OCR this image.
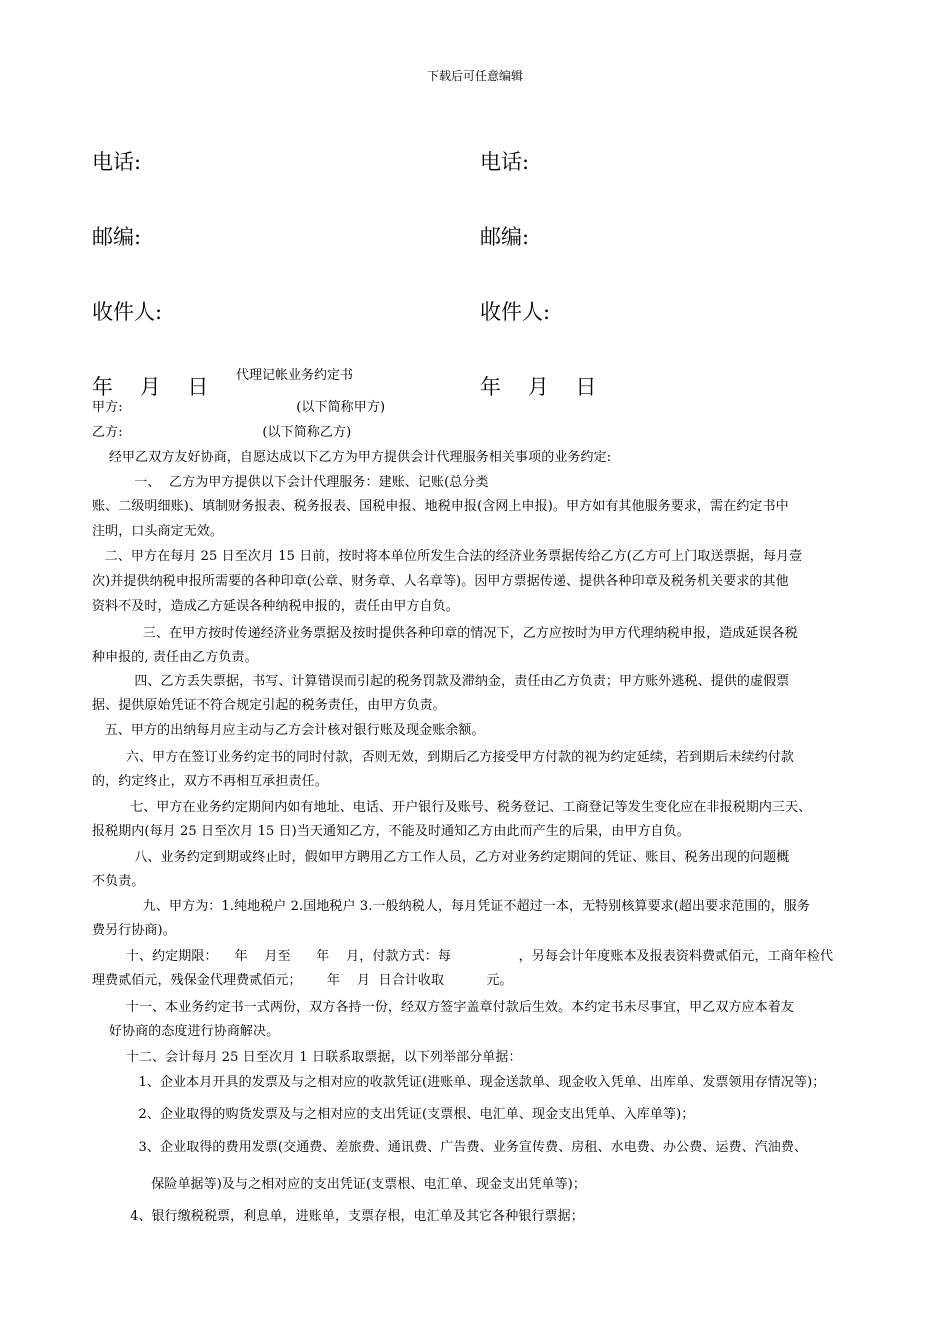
下载后可任意编辑

电话:

邮编:

收件人:

年    月    日

电话:

邮编:

收件人:

年    月    日

代理记帐业务约定书
甲方:                                         (以下简称甲方)
乙方:                                 (以下简称乙方)
经甲乙双方友好协商，自愿达成以下乙方为甲方提供会计代理服务相关事项的业务约定:
一、  乙方为甲方提供以下会计代理服务：建账、记账(总分类
账、二级明细账)、填制财务报表、税务报表、国税申报、地税申报(含网上申报)。甲方如有其他服务要求，需在约定书中
注明，口头商定无效。
二、甲方在每月 25 日至次月 15 日前，按时将本单位所发生合法的经济业务票据传给乙方(乙方可上门取送票据，每月壹
次)并提供纳税申报所需要的各种印章(公章、财务章、人名章等)。因甲方票据传递、提供各种印章及税务机关要求的其他
资料不及时，造成乙方延误各种纳税申报的，责任由甲方自负。
三、在甲方按时传递经济业务票据及按时提供各种印章的情况下，乙方应按时为甲方代理纳税申报，造成延误各税
种申报的, 责任由乙方负责。
四、乙方丢失票据，书写、计算错误而引起的税务罚款及滞纳金，责任由乙方负责；甲方账外逃税、提供的虚假票
据、提供原始凭证不符合规定引起的税务责任，由甲方负责。
五、甲方的出纳每月应主动与乙方会计核对银行账及现金账余额。
六、甲方在签订业务约定书的同时付款，否则无效，到期后乙方接受甲方付款的视为约定延续，若到期后未续约付款
的，约定终止，双方不再相互承担责任。
七、甲方在业务约定期间内如有地址、电话、开户银行及账号、税务登记、工商登记等发生变化应在非报税期内三天、
报税期内(每月 25 日至次月 15 日)当天通知乙方，不能及时通知乙方由此而产生的后果，由甲方自负。
八、业务约定到期或终止时，假如甲方聘用乙方工作人员，乙方对业务约定期间的凭证、账目、税务出现的问题概
不负责。
九、甲方为：1.纯地税户 2.国地税户 3.一般纳税人，每月凭证不超过一本，无特别核算要求(超出要求范围的，服务
费另行协商)。
十、约定期限：    年    月至      年    月，付款方式：每                ，另每会计年度账本及报表资料费贰佰元，工商年检代
理费贰佰元，残保金代理费贰佰元；      年    月  日合计收取          元。
十一、本业务约定书一式两份，双方各持一份，经双方签字盖章付款后生效。本约定书未尽事宜，甲乙双方应本着友
好协商的态度进行协商解决。
十二、会计每月 25 日至次月 1 日联系取票据，以下列举部分单据：
1、企业本月开具的发票及与之相对应的收款凭证(进账单、现金送款单、现金收入凭单、出库单、发票领用存情况等)；
2、企业取得的购货发票及与之相对应的支出凭证(支票根、电汇单、现金支出凭单、入库单等)；
3、企业取得的费用发票(交通费、差旅费、通讯费、广告费、业务宣传费、房租、水电费、办公费、运费、汽油费、
保险单据等)及与之相对应的支出凭证(支票根、电汇单、现金支出凭单等)；
4、银行缴税税票，利息单，进账单，支票存根，电汇单及其它各种银行票据；
